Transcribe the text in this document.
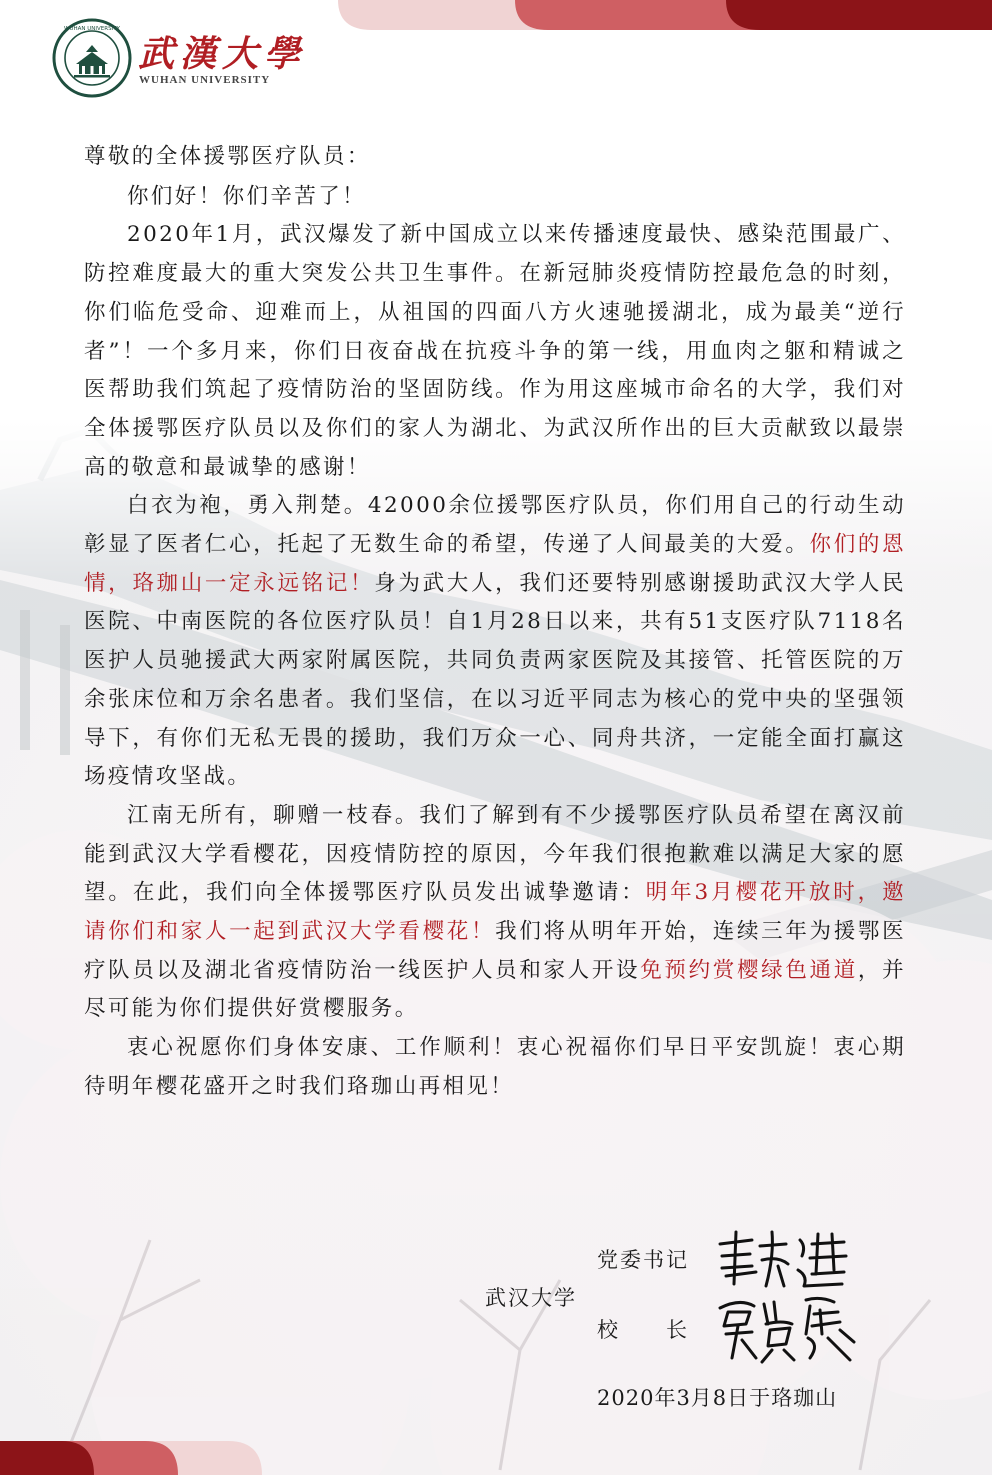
WUHAN UNIVERSITY
武漢大學
WUHAN UNIVERSITY

尊敬的全体援鄂医疗队员：

你们好！你们辛苦了！

2020年1月，武汉爆发了新中国成立以来传播速度最快、感染范围最广、防控难度最大的重大突发公共卫生事件。在新冠肺炎疫情防控最危急的时刻，你们临危受命、迎难而上，从祖国的四面八方火速驰援湖北，成为最美“逆行者”！一个多月来，你们日夜奋战在抗疫斗争的第一线，用血肉之躯和精诚之医帮助我们筑起了疫情防治的坚固防线。作为用这座城市命名的大学，我们对全体援鄂医疗队员以及你们的家人为湖北、为武汉所作出的巨大贡献致以最崇高的敬意和最诚挚的感谢！

白衣为袍，勇入荆楚。42000余位援鄂医疗队员，你们用自己的行动生动彰显了医者仁心，托起了无数生命的希望，传递了人间最美的大爱。你们的恩情，珞珈山一定永远铭记！身为武大人，我们还要特别感谢援助武汉大学人民医院、中南医院的各位医疗队员！自1月28日以来，共有51支医疗队7118名医护人员驰援武大两家附属医院，共同负责两家医院及其接管、托管医院的万余张床位和万余名患者。我们坚信，在以习近平同志为核心的党中央的坚强领导下，有你们无私无畏的援助，我们万众一心、同舟共济，一定能全面打赢这场疫情攻坚战。

江南无所有，聊赠一枝春。我们了解到有不少援鄂医疗队员希望在离汉前能到武汉大学看樱花，因疫情防控的原因，今年我们很抱歉难以满足大家的愿望。在此，我们向全体援鄂医疗队员发出诚挚邀请：明年3月樱花开放时，邀请你们和家人一起到武汉大学看樱花！我们将从明年开始，连续三年为援鄂医疗队员以及湖北省疫情防治一线医护人员和家人开设免预约赏樱绿色通道，并尽可能为你们提供好赏樱服务。

衷心祝愿你们身体安康、工作顺利！衷心祝福你们早日平安凯旋！衷心期待明年樱花盛开之时我们珞珈山再相见！

武汉大学
党委书记
校 长
2020年3月8日于珞珈山
